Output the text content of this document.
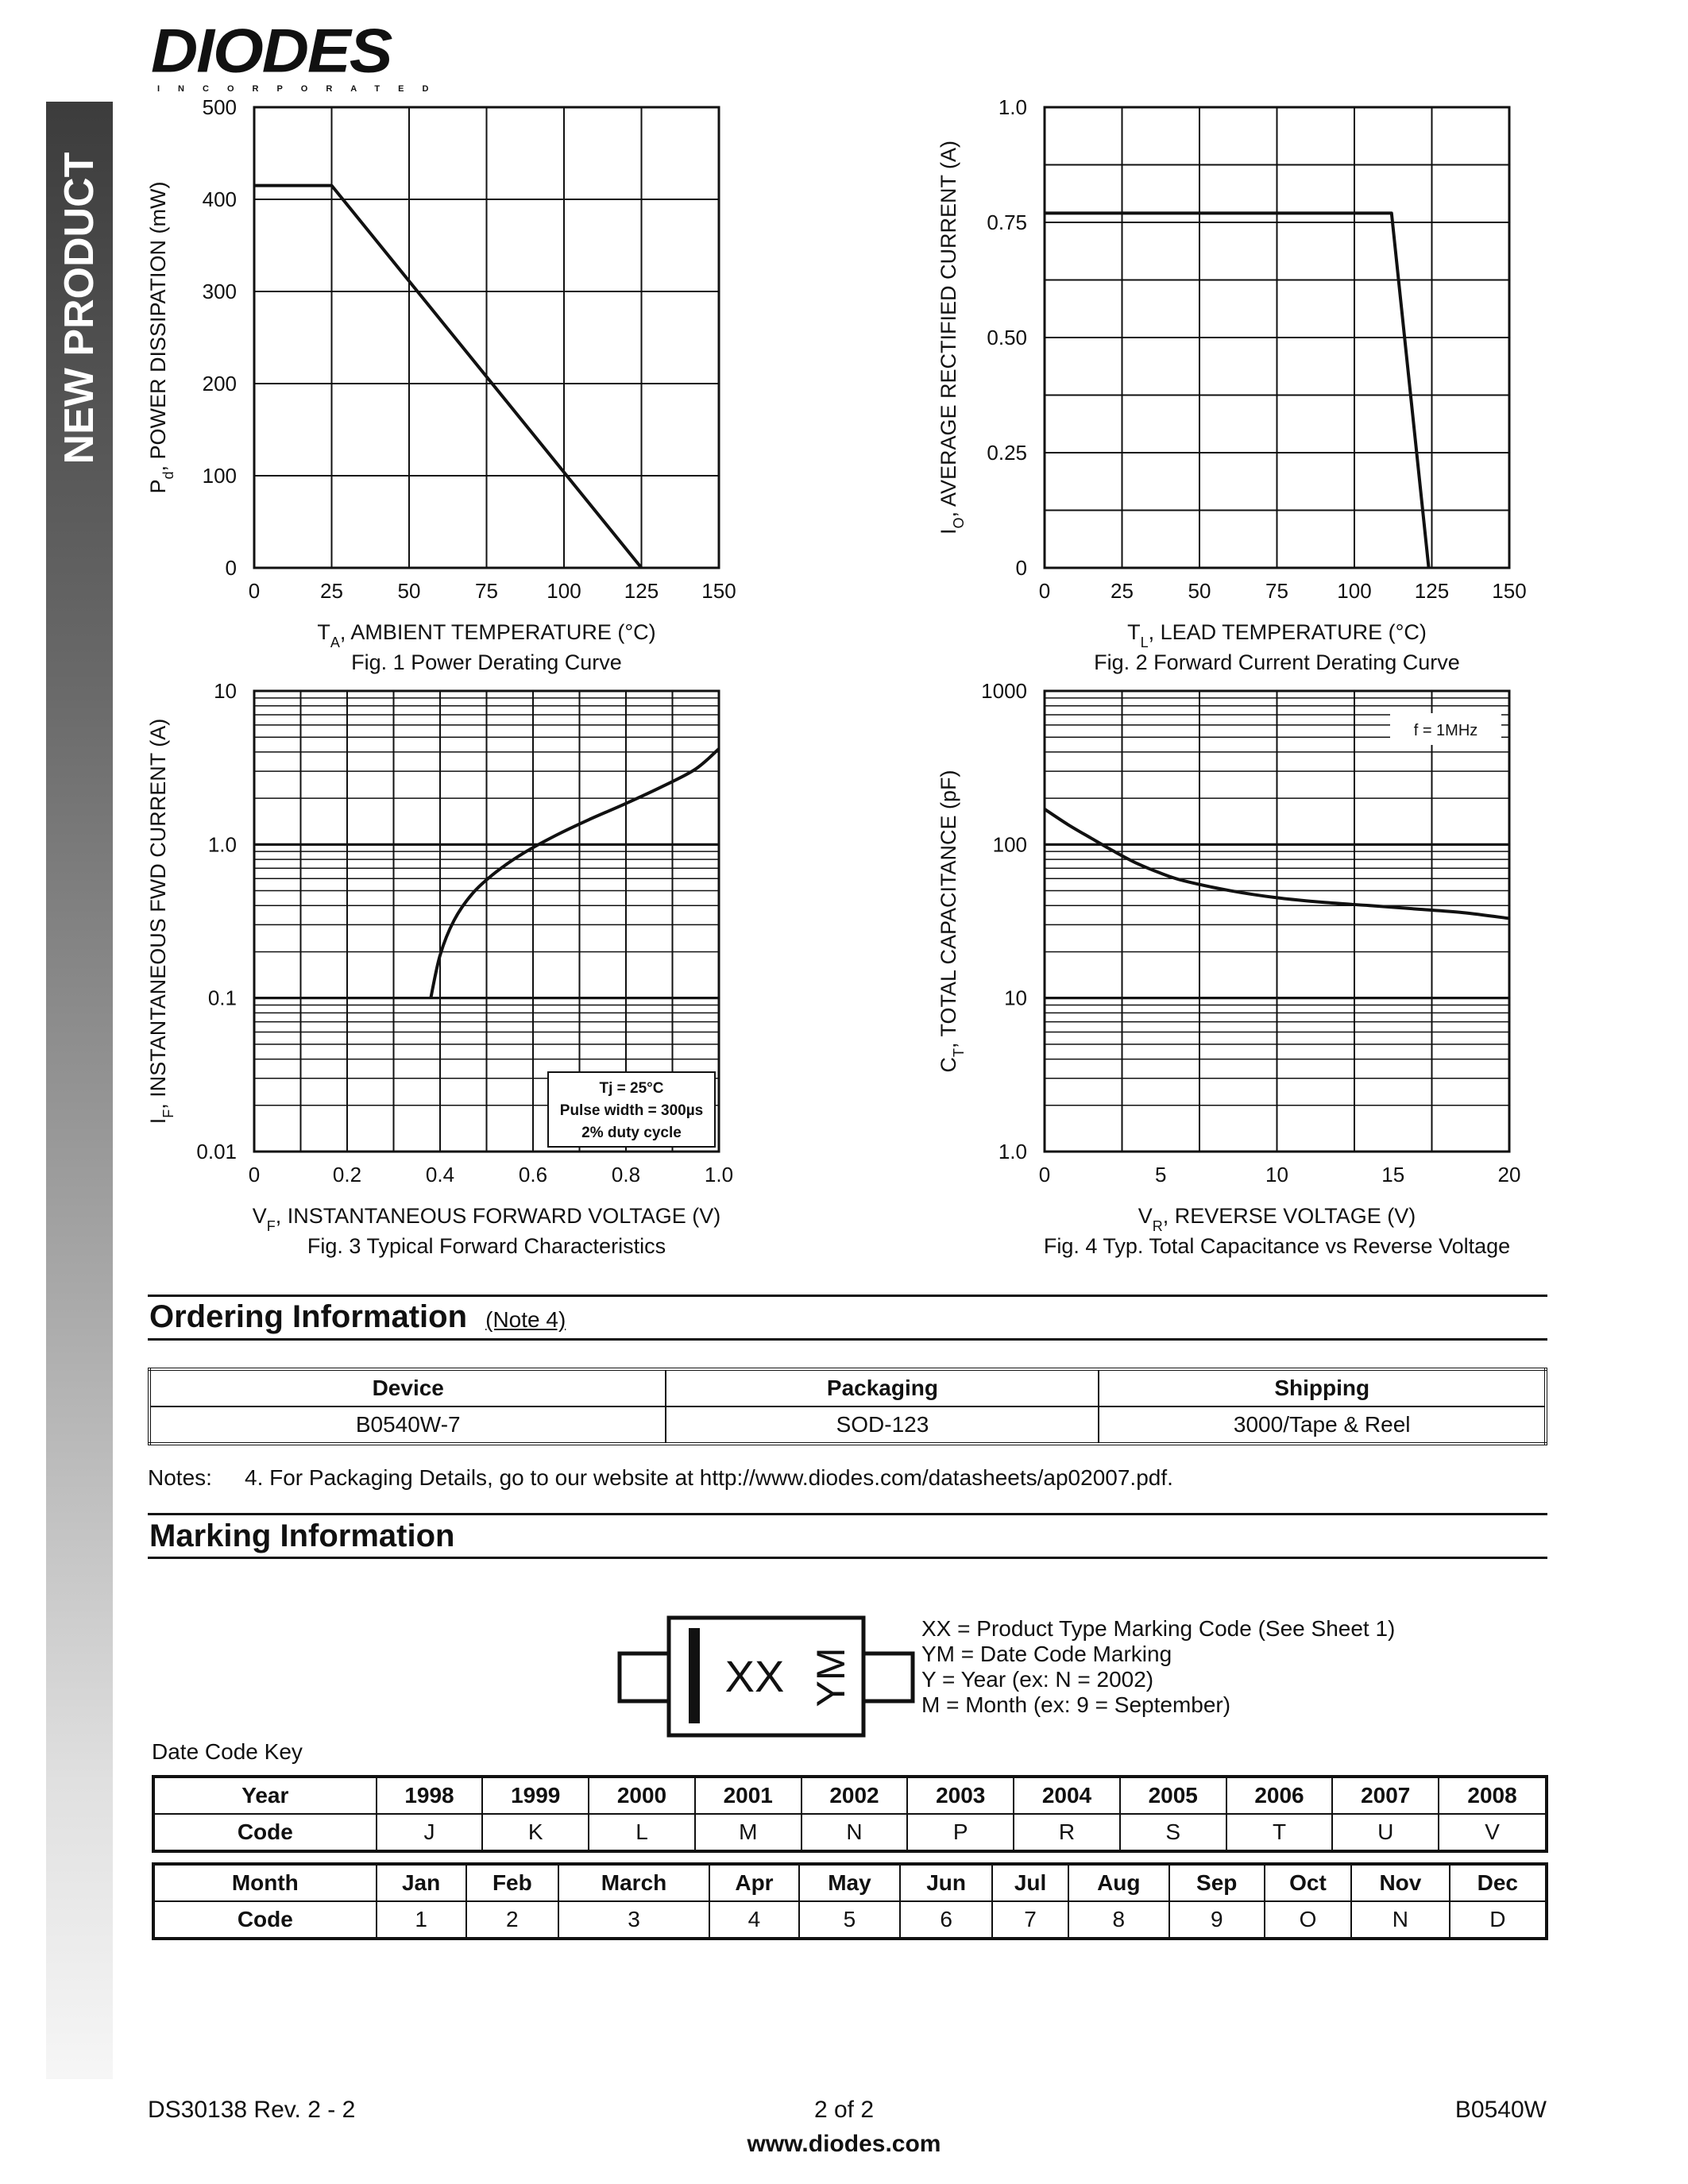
DIODES
INCORPORATED
NEW PRODUCT
0	25	50	75 100 125 150
0
100
200
300
400
500
$T_A$, AMBIENT TEMPERATURE (°C)
$P_d$, POWER DISSIPATION (mW)
Fig. 1 Power Derating Curve
0	25	50	75 100 125 150
0
0.25
0.50
0.75
1.0
$T_L$, LEAD TEMPERATURE (°C)
$I_O$, AVERAGE RECTIFIED CURRENT (A)
Fig. 2 Forward Current Derating Curve
0	0.2	0.4	0.6	0.8	1.0
0.01
0.1
1.0
10
$V_F$, INSTANTANEOUS FORWARD VOLTAGE (V)
$I_F$, INSTANTANEOUS FWD CURRENT (A)
Fig. 3 Typical Forward Characteristics
Tj = 25°C
Pulse width = 300µs
2% duty cycle
0	5	10	15	20
1.0
10
100
1000
$V_R$, REVERSE VOLTAGE (V)
$C_T$, TOTAL CAPACITANCE (pF)
Fig. 4 Typ. Total Capacitance vs Reverse Voltage
f = 1MHz
Ordering Information (Note 4)
Device	Packaging	Shipping
B0540W-7	SOD-123	3000/Tape & Reel
Notes: 4. For Packaging Details, go to our website at http://www.diodes.com/datasheets/ap02007.pdf.
Marking Information
XX YM
XX = Product Type Marking Code (See Sheet 1)
YM = Date Code Marking
Y = Year (ex: N = 2002)
M = Month (ex: 9 = September)
Date Code Key
Year	1998	1999	2000	2001	2002	2003	2004	2005	2006	2007	2008
Code	J	K	L	M	N	P	R	S	T	U	V
Month	Jan	Feb	March	Apr	May	Jun	Jul	Aug	Sep	Oct	Nov	Dec
Code	1	2	3	4	5	6	7	8	9	O	N	D
DS30138 Rev. 2 - 2	2 of 2
www.diodes.com
B0540W
